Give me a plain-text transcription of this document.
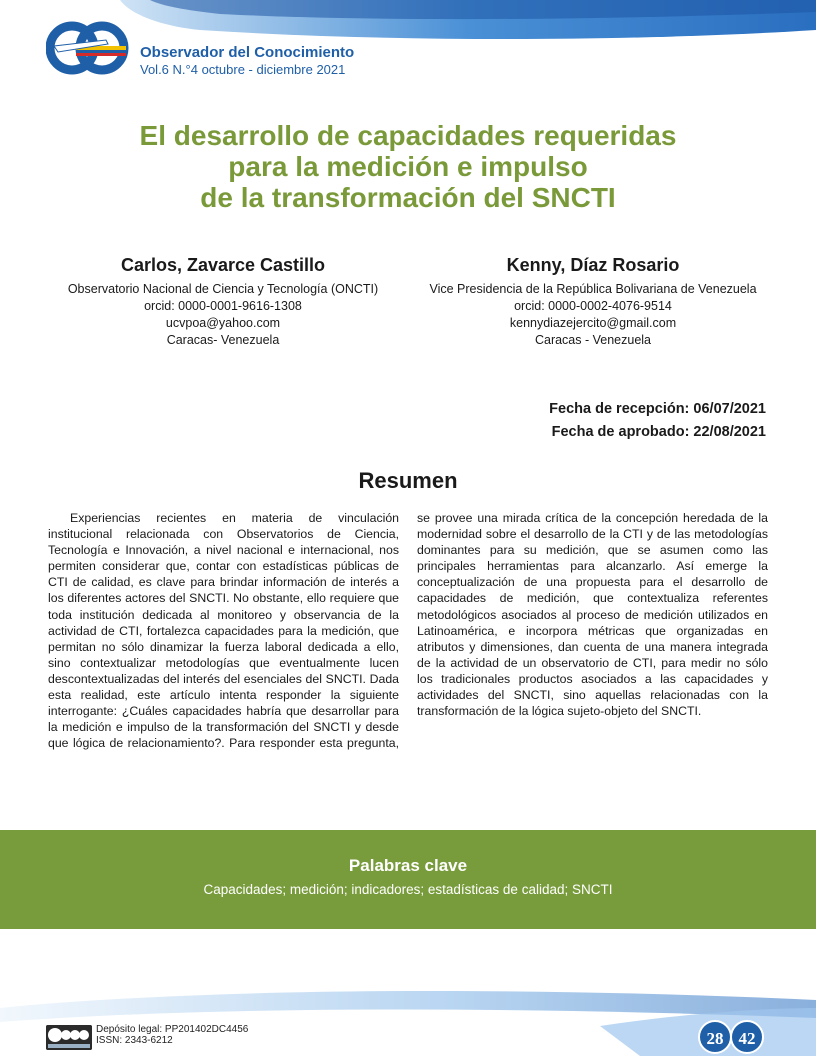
Observador del Conocimiento
Vol.6 N.°4 octubre - diciembre 2021
El desarrollo de capacidades requeridas
para la medición e impulso
de la transformación del SNCTI
Carlos, Zavarce Castillo
Observatorio Nacional de Ciencia y Tecnología (ONCTI)
orcid: 0000-0001-9616-1308
ucvpoa@yahoo.com
Caracas- Venezuela
Kenny, Díaz Rosario
Vice Presidencia de la República Bolivariana de Venezuela
orcid: 0000-0002-4076-9514
kennydiazejercito@gmail.com
Caracas - Venezuela
Fecha de recepción: 06/07/2021
Fecha de aprobado: 22/08/2021
Resumen

Experiencias recientes en materia de vinculación institucional relacionada con Observatorios de Ciencia, Tecnología e Innovación, a nivel nacional e internacional, nos permiten considerar que, contar con estadísticas públicas de CTI de calidad, es clave para brindar información de interés a los diferentes actores del SNCTI. No obstante, ello requiere que toda institución dedicada al monitoreo y observancia de la actividad de CTI, fortalezca capacidades para la medición, que permitan no sólo dinamizar la fuerza laboral dedicada a ello, sino contextualizar metodologías que eventualmente lucen descontextualizadas del interés del esenciales del SNCTI. Dada esta realidad, este artículo intenta responder la siguiente interrogante: ¿Cuáles capacidades habría que desarrollar para la medición e impulso de la transformación del SNCTI y desde que lógica de relacionamiento?. Para responder esta pregunta, se provee una mirada crítica de la concepción heredada de la modernidad sobre el desarrollo de la CTI y de las metodologías dominantes para su medición, que se asumen como las principales herramientas para alcanzarlo. Así emerge la conceptualización de una propuesta para el desarrollo de capacidades de medición, que contextualiza referentes metodológicos asociados al proceso de medición utilizados en Latinoamérica, e incorpora métricas que organizadas en atributos y dimensiones, dan cuenta de una manera integrada de la actividad de un observatorio de CTI, para medir no sólo los tradicionales productos asociados a las capacidades y actividades del SNCTI, sino aquellas relacionadas con la transformación de la lógica sujeto-objeto del SNCTI.

Palabras clave
Capacidades; medición; indicadores; estadísticas de calidad; SNCTI
Depósito legal: PP201402DC4456
ISSN: 2343-6212	28 42
